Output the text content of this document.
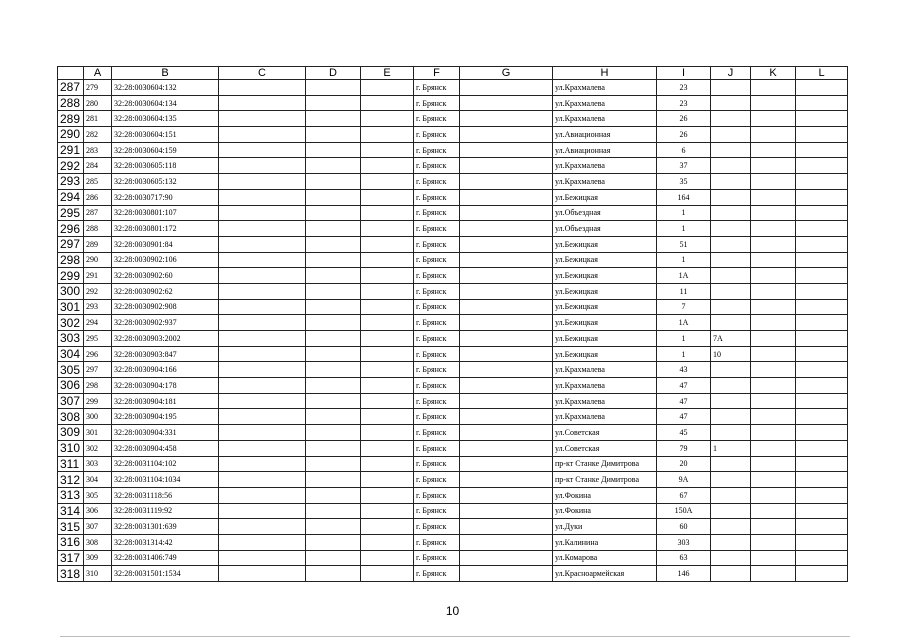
	A	B	C	D	E	F	G	H	I	J	K	L
287	279	32:28:0030604:132				г. Брянск		ул.Крахмалева	23			
288	280	32:28:0030604:134				г. Брянск		ул.Крахмалева	23			
289	281	32:28:0030604:135				г. Брянск		ул.Крахмалева	26			
290	282	32:28:0030604:151				г. Брянск		ул.Авиационная	26			
291	283	32:28:0030604:159				г. Брянск		ул.Авиационная	6			
292	284	32:28:0030605:118				г. Брянск		ул.Крахмалева	37			
293	285	32:28:0030605:132				г. Брянск		ул.Крахмалева	35			
294	286	32:28:0030717:90				г. Брянск		ул.Бежицкая	164			
295	287	32:28:0030801:107				г. Брянск		ул.Объездная	1			
296	288	32:28:0030801:172				г. Брянск		ул.Объездная	1			
297	289	32:28:0030901:84				г. Брянск		ул.Бежицкая	51			
298	290	32:28:0030902:106				г. Брянск		ул.Бежицкая	1			
299	291	32:28:0030902:60				г. Брянск		ул.Бежицкая	1А			
300	292	32:28:0030902:62				г. Брянск		ул.Бежицкая	11			
301	293	32:28:0030902:908				г. Брянск		ул.Бежицкая	7			
302	294	32:28:0030902:937				г. Брянск		ул.Бежицкая	1А			
303	295	32:28:0030903:2002				г. Брянск		ул.Бежицкая	1	7А		
304	296	32:28:0030903:847				г. Брянск		ул.Бежицкая	1	10		
305	297	32:28:0030904:166				г. Брянск		ул.Крахмалева	43			
306	298	32:28:0030904:178				г. Брянск		ул.Крахмалева	47			
307	299	32:28:0030904:181				г. Брянск		ул.Крахмалева	47			
308	300	32:28:0030904:195				г. Брянск		ул.Крахмалева	47			
309	301	32:28:0030904:331				г. Брянск		ул.Советская	45			
310	302	32:28:0030904:458				г. Брянск		ул.Советская	79	1		
311	303	32:28:0031104:102				г. Брянск		пр-кт Станке Димитрова	20			
312	304	32:28:0031104:1034				г. Брянск		пр-кт Станке Димитрова	9А			
313	305	32:28:0031118:56				г. Брянск		ул.Фокина	67			
314	306	32:28:0031119:92				г. Брянск		ул.Фокина	150А			
315	307	32:28:0031301:639				г. Брянск		ул.Дуки	60			
316	308	32:28:0031314:42				г. Брянск		ул.Калинина	303			
317	309	32:28:0031406:749				г. Брянск		ул.Комарова	63			
318	310	32:28:0031501:1534				г. Брянск		ул.Красноармейская	146			
10
